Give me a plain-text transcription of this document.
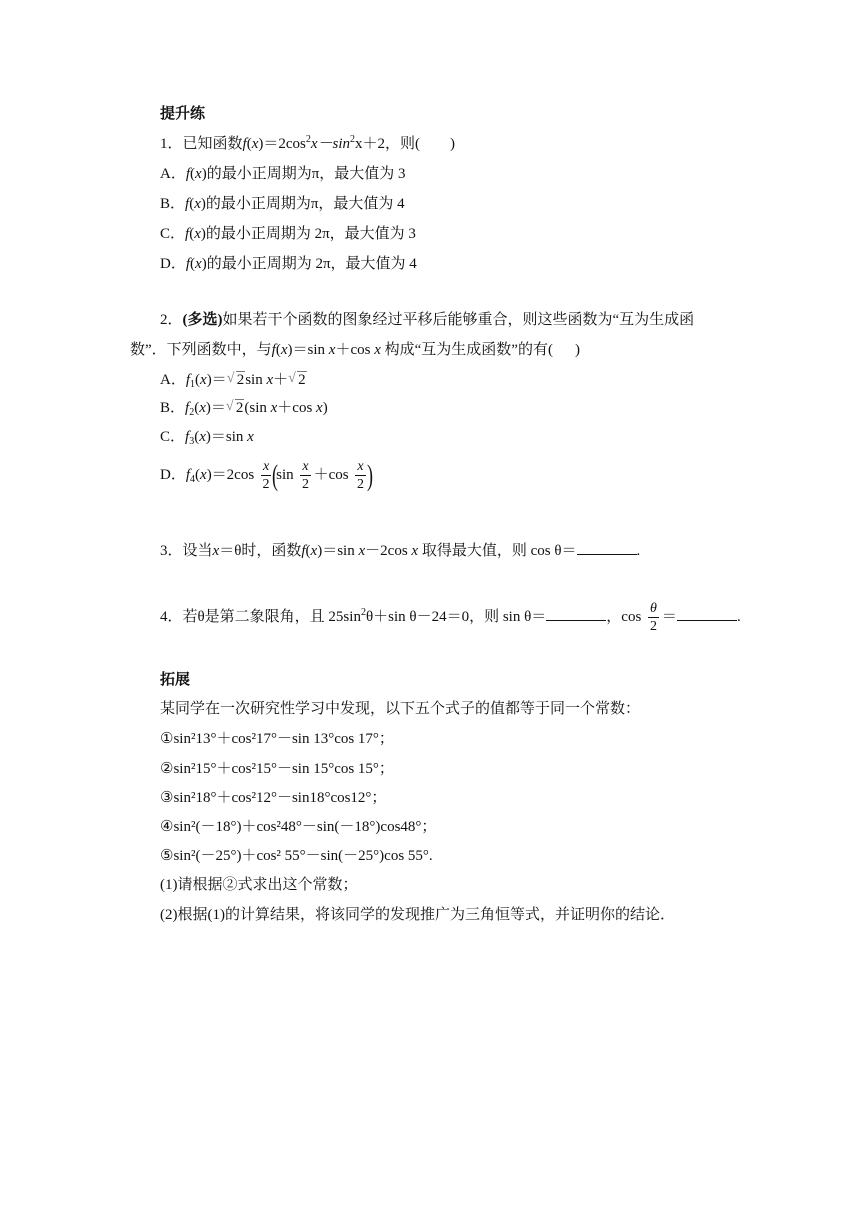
提升练
1．已知函数$f(x)=2\cos^2x-\sin^2x+2$，则( )
A．f(x)的最小正周期为π，最大值为 3
B．f(x)的最小正周期为π，最大值为 4
C．f(x)的最小正周期为 2π，最大值为 3
D．f(x)的最小正周期为 2π，最大值为 4
2．(多选)如果若干个函数的图象经过平移后能够重合，则这些函数为“互为生成函
数”．下列函数中，与f(x)＝sin x＋cos x 构成“互为生成函数”的有( )
A．$f_1(x)=√$ 2sin x＋√ 2
B．$f_2(x)=√$ 2(sin x＋cos x)
C．$f_3(x)=\sin$ x
D．$f_4(x)=2\cos \frac{x}{2} (\sin \frac{x}{2} +\cos \frac{x}{2}$ )
3．设当x＝θ时，函数f(x)＝sin x－2cos x 取得最大值，则 cos θ＝	.
4．若θ是第二象限角，且 $25\sin^2\theta+\sin$ θ－24＝0，则 sin θ＝	，$\cos \frac{\theta}{2}$ ＝	.
拓展
某同学在一次研究性学习中发现，以下五个式子的值都等于同一个常数：
①sin²13°＋cos²17°－sin 13°cos 17°；
②sin²15°＋cos²15°－sin 15°cos 15°；
③sin²18°＋cos²12°－sin18°cos12°；
④sin²(－18°)＋cos²48°－sin(－18°)cos48°；
⑤sin²(－25°)＋cos² 55°－sin(－25°)cos 55°.
(1)请根据②式求出这个常数；
(2)根据(1)的计算结果，将该同学的发现推广为三角恒等式，并证明你的结论．
